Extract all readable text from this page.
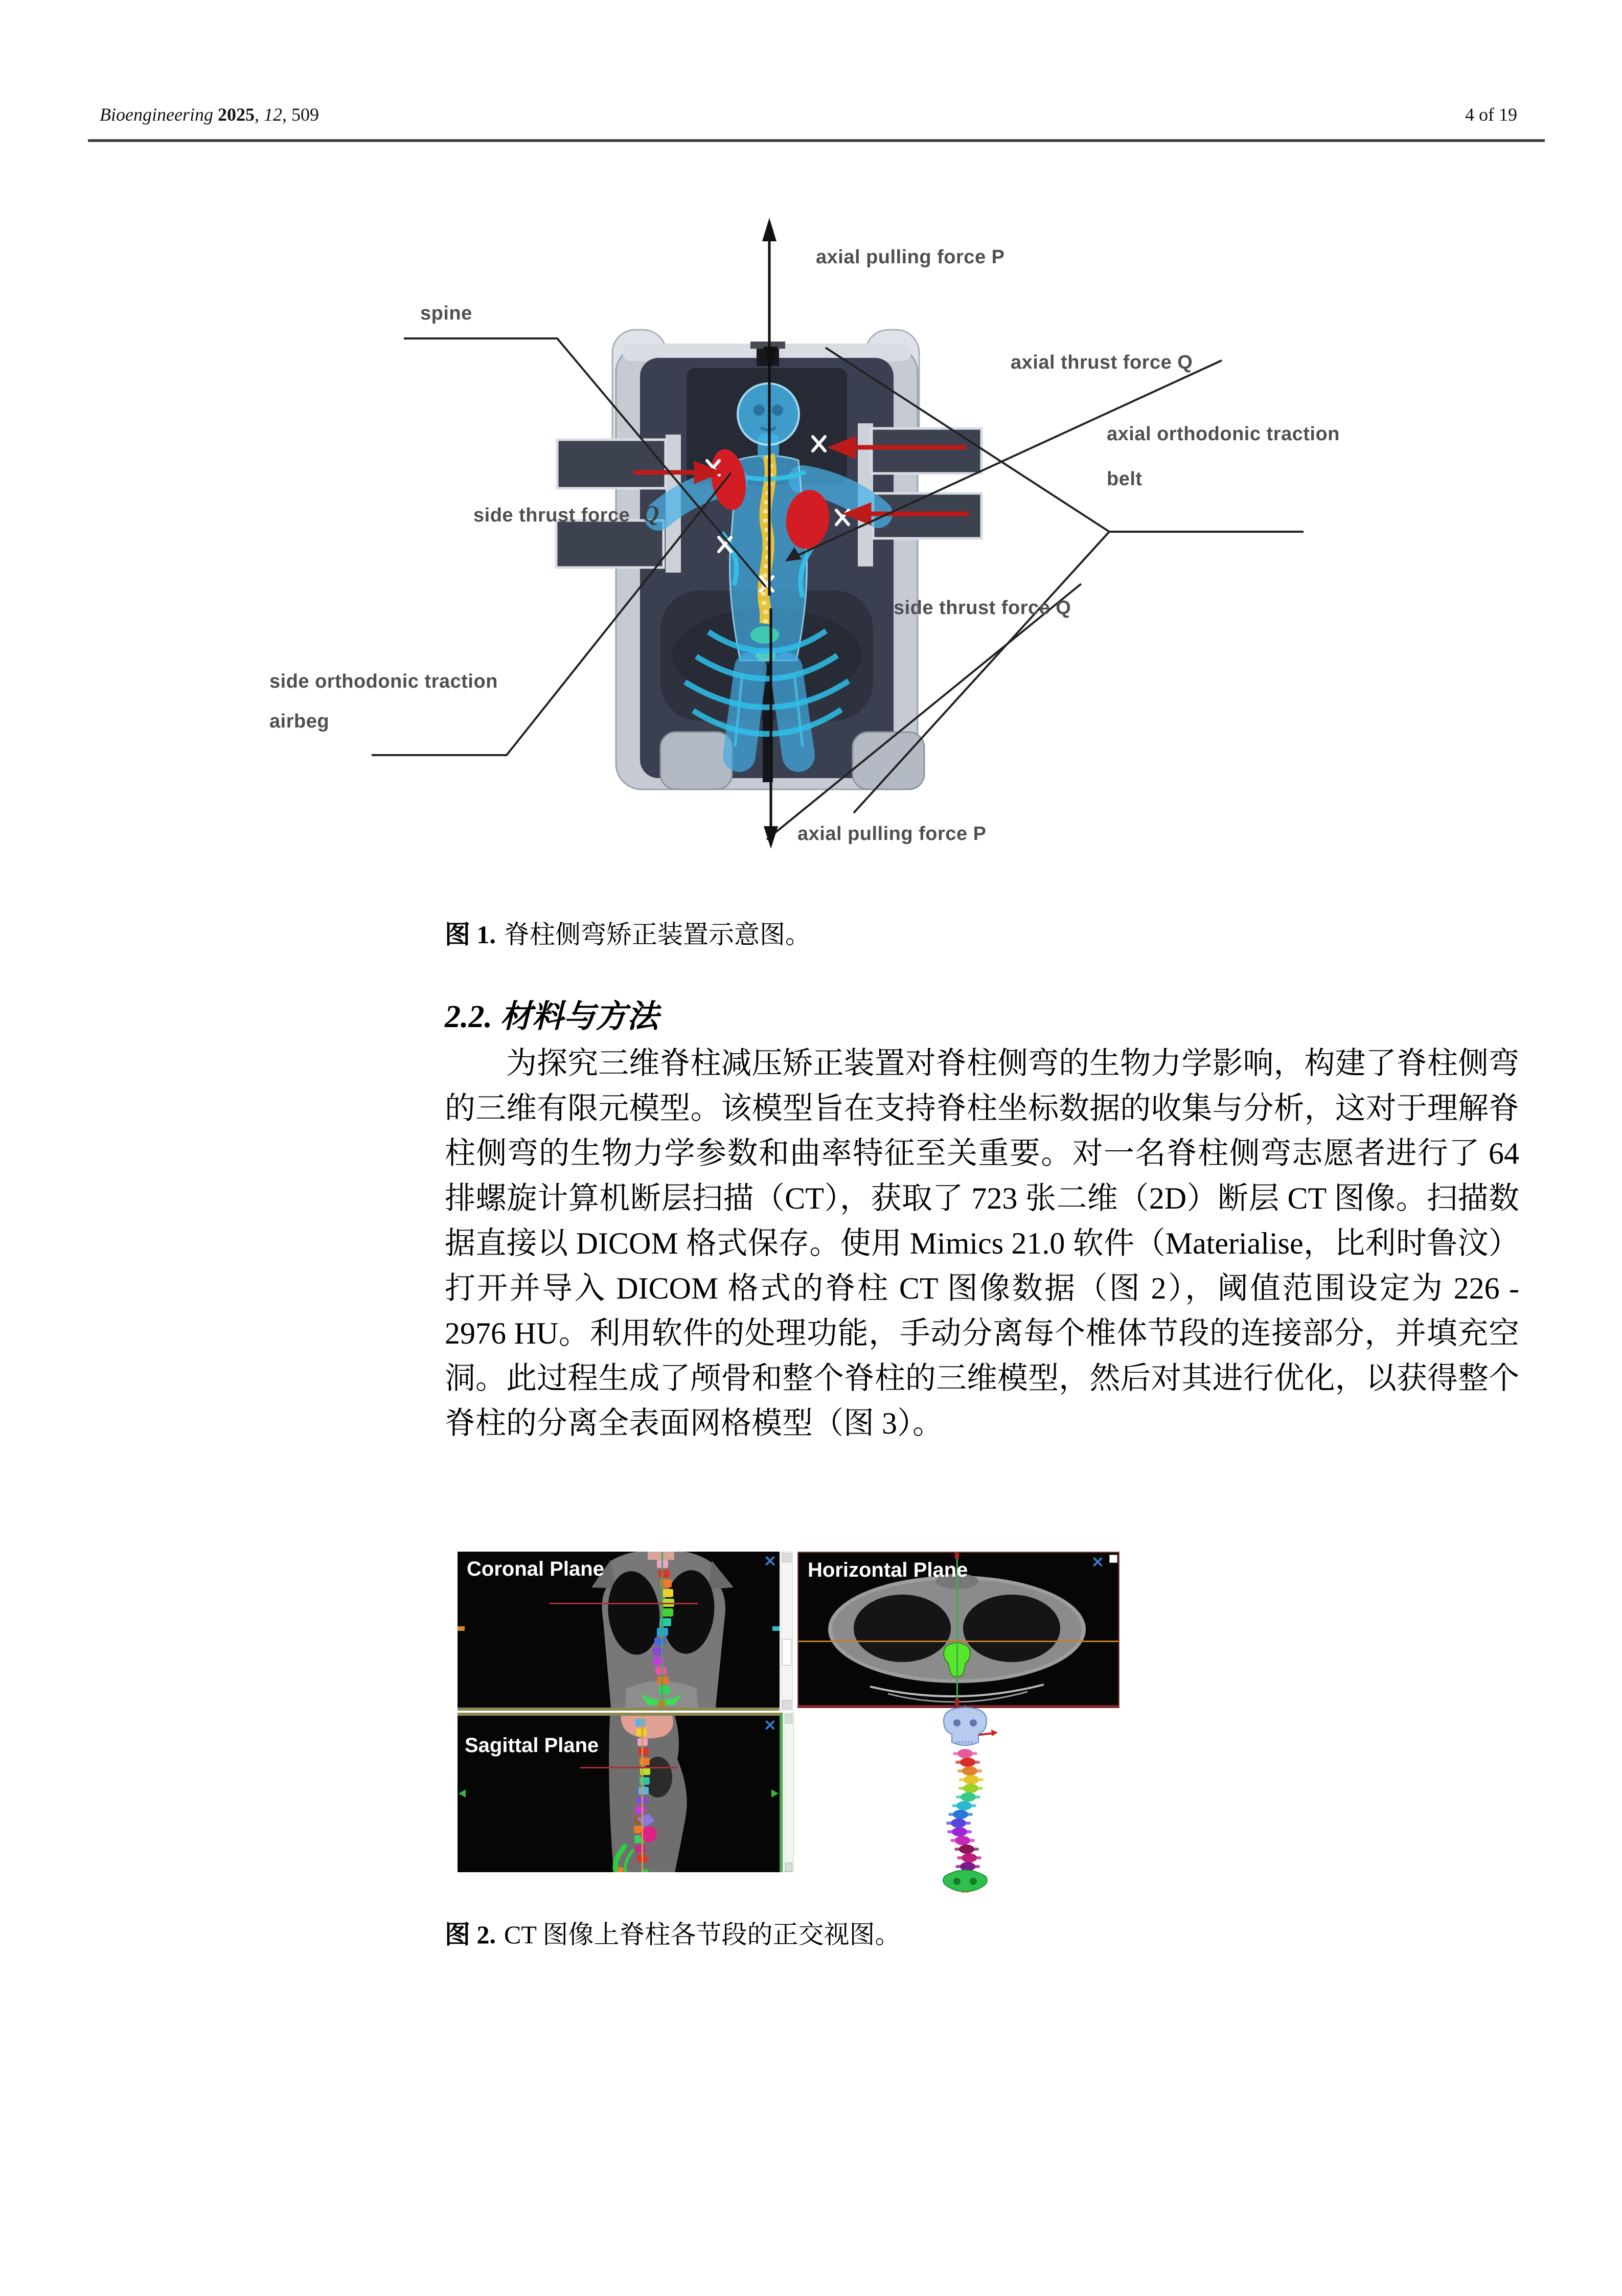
Bioengineering 2025, 12, 509	4 of 19
axial pulling force P
spine
axial thrust force Q
side thrust force Q
axial orthodonic traction
belt
side thrust force Q
side orthodonic traction
airbeg
axial pulling force P
图 1. 脊柱侧弯矫正装置示意图。
2.2. 材料与方法
为探究三维脊柱减压矫正装置对脊柱侧弯的生物力学影响，构建了脊柱侧弯的三维有限元模型。该模型旨在支持脊柱坐标数据的收集与分析，这对于理解脊柱侧弯的生物力学参数和曲率特征至关重要。对一名脊柱侧弯志愿者进行了 64 排螺旋计算机断层扫描（CT），获取了 723 张二维（2D）断层 CT 图像。扫描数据直接以 DICOM 格式保存。使用 Mimics 21.0 软件（Materialise，比利时鲁汶）打开并导入 DICOM 格式的脊柱 CT 图像数据（图 2），阈值范围设定为 226 - 2976 HU。利用软件的处理功能，手动分离每个椎体节段的连接部分，并填充空洞。此过程生成了颅骨和整个脊柱的三维模型，然后对其进行优化，以获得整个脊柱的分离全表面网格模型（图 3）。
Coronal Plane	✕ Horizontal Plane	✕
Sagittal Plane
✕
图 2. CT 图像上脊柱各节段的正交视图。
